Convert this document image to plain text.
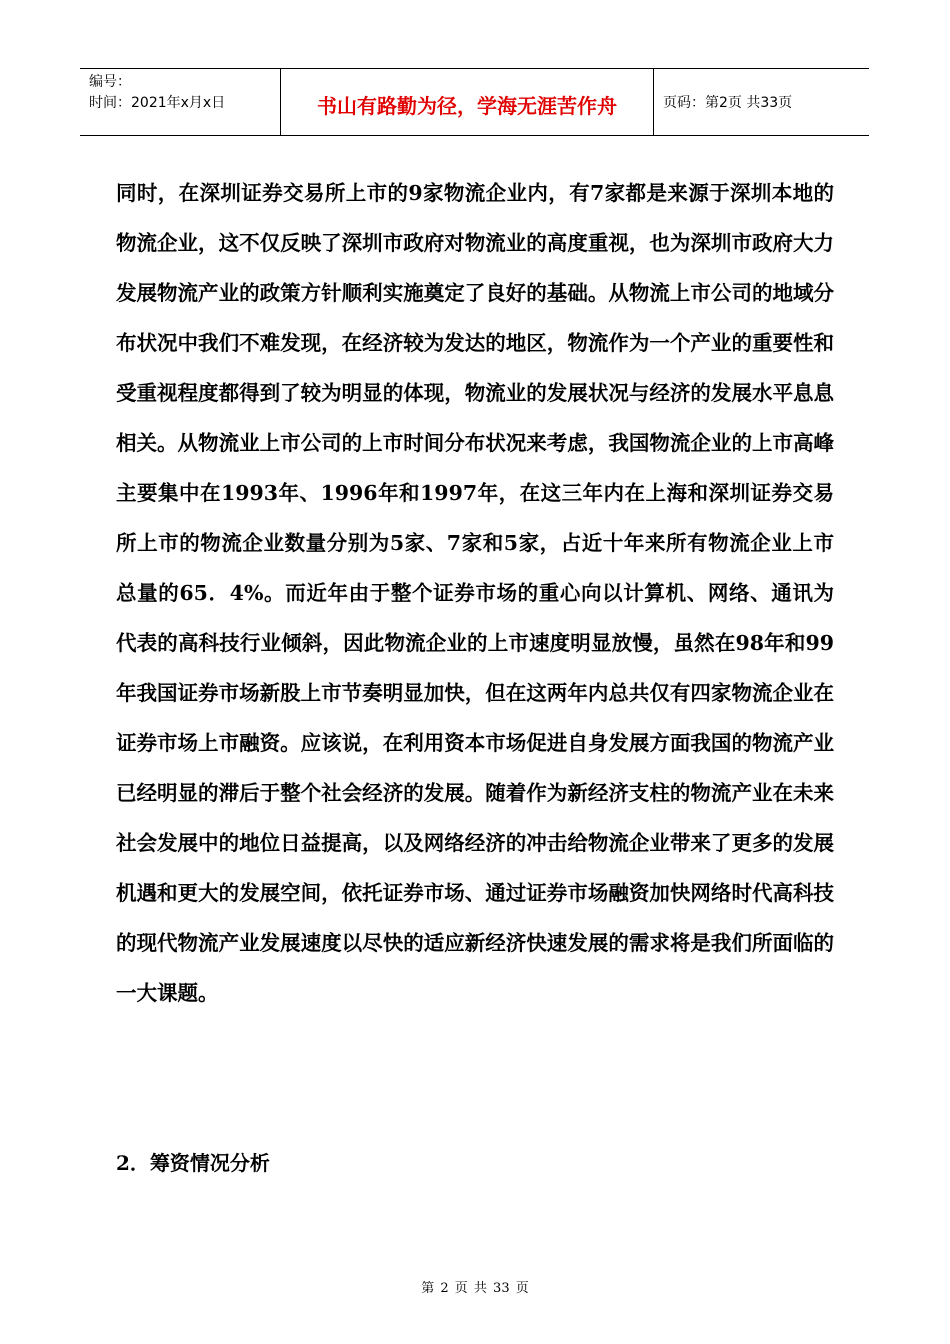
编号：
时间：2021年x月x日	书山有路勤为径，学海无涯苦作舟	页码：第2页 共33页

同时，在深圳证券交易所上市的9家物流企业内，有7家都是来源于深圳本地的物流企业，这不仅反映了深圳市政府对物流业的高度重视，也为深圳市政府大力发展物流产业的政策方针顺利实施奠定了良好的基础。从物流上市公司的地域分布状况中我们不难发现，在经济较为发达的地区，物流作为一个产业的重要性和受重视程度都得到了较为明显的体现，物流业的发展状况与经济的发展水平息息相关。从物流业上市公司的上市时间分布状况来考虑，我国物流企业的上市高峰主要集中在1993年、1996年和1997年，在这三年内在上海和深圳证券交易所上市的物流企业数量分别为5家、7家和5家，占近十年来所有物流企业上市总量的65．4%。而近年由于整个证券市场的重心向以计算机、网络、通讯为代表的高科技行业倾斜，因此物流企业的上市速度明显放慢，虽然在98年和99年我国证券市场新股上市节奏明显加快，但在这两年内总共仅有四家物流企业在证券市场上市融资。应该说，在利用资本市场促进自身发展方面我国的物流产业已经明显的滞后于整个社会经济的发展。随着作为新经济支柱的物流产业在未来社会发展中的地位日益提高，以及网络经济的冲击给物流企业带来了更多的发展机遇和更大的发展空间，依托证券市场、通过证券市场融资加快网络时代高科技的现代物流产业发展速度以尽快的适应新经济快速发展的需求将是我们所面临的一大课题。

2．筹资情况分析
第 2 页 共 33 页
